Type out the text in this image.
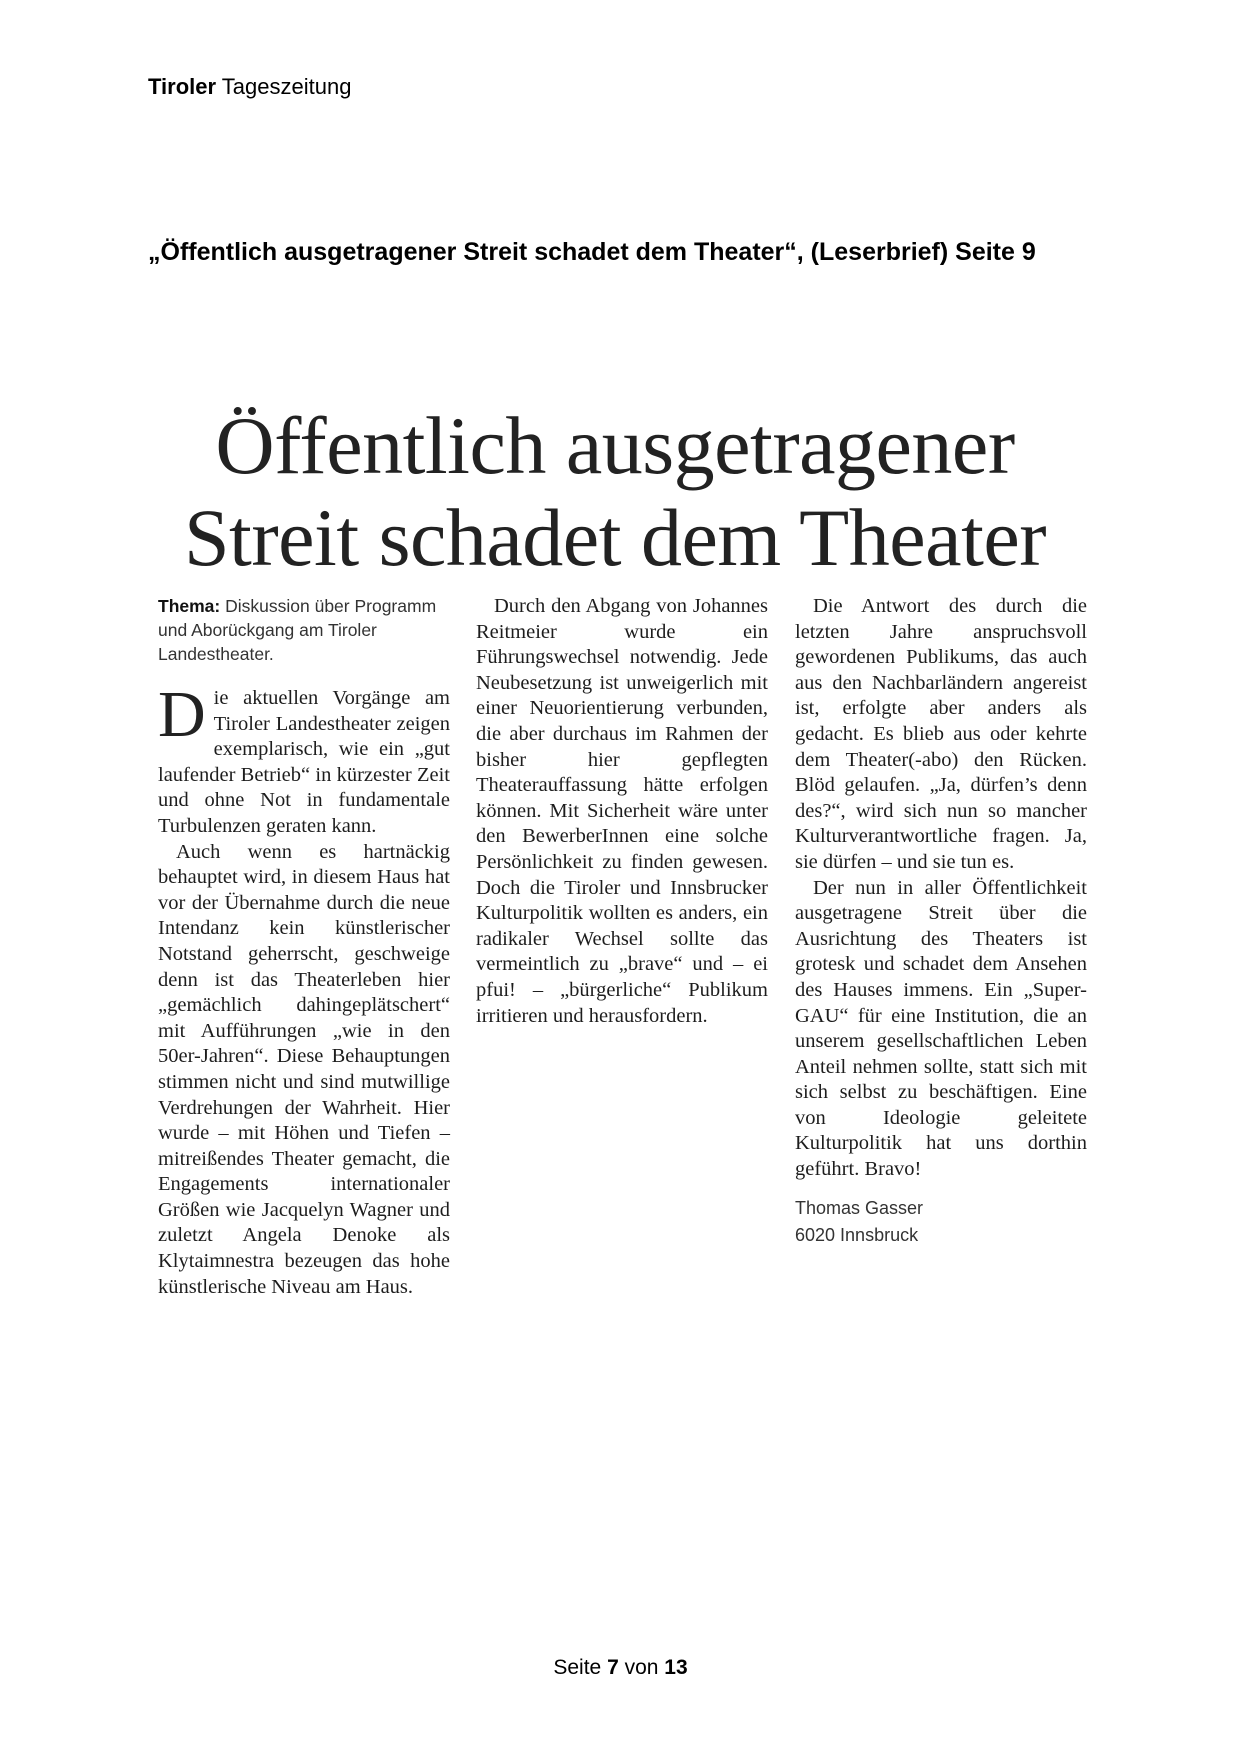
Tiroler Tageszeitung
„Öffentlich ausgetragener Streit schadet dem Theater“, (Leserbrief) Seite 9
Öffentlich ausgetragener
Streit schadet dem Theater
Thema: Diskussion über Programm und Aborückgang am Tiroler Landestheater.

Die aktuellen Vorgänge am Tiroler Landestheater zeigen exemplarisch, wie ein „gut laufender Betrieb“ in kürzester Zeit und ohne Not in fundamentale Turbulenzen geraten kann.

Auch wenn es hartnäckig behauptet wird, in diesem Haus hat vor der Übernahme durch die neue Intendanz kein künstlerischer Notstand geherrscht, geschweige denn ist das Theaterleben hier „gemächlich dahingeplätschert“ mit Aufführungen „wie in den 50er-Jahren“. Diese Behauptungen stimmen nicht und sind mutwillige Verdrehungen der Wahrheit. Hier wurde – mit Höhen und Tiefen – mitreißendes Theater gemacht, die Engagements internationaler Größen wie Jacquelyn Wagner und zuletzt Angela Denoke als Klytaimnestra bezeugen das hohe künstlerische Niveau am Haus.

Durch den Abgang von Johannes Reitmeier wurde ein Führungswechsel notwendig. Jede Neubesetzung ist unweigerlich mit einer Neuorientierung verbunden, die aber durchaus im Rahmen der bisher hier gepflegten Theaterauffassung hätte erfolgen können. Mit Sicherheit wäre unter den BewerberInnen eine solche Persönlichkeit zu finden gewesen. Doch die Tiroler und Innsbrucker Kulturpolitik wollten es anders, ein radikaler Wechsel sollte das vermeintlich zu „brave“ und – ei pfui! – „bürgerliche“ Publikum irritieren und herausfordern.

Die Antwort des durch die letzten Jahre anspruchsvoll gewordenen Publikums, das auch aus den Nachbarländern angereist ist, erfolgte aber anders als gedacht. Es blieb aus oder kehrte dem Theater(-abo) den Rücken. Blöd gelaufen. „Ja, dürfen’s denn des?“, wird sich nun so mancher Kulturverantwortliche fragen. Ja, sie dürfen – und sie tun es.

Der nun in aller Öffentlichkeit ausgetragene Streit über die Ausrichtung des Theaters ist grotesk und schadet dem Ansehen des Hauses immens. Ein „Super-GAU“ für eine Institution, die an unserem gesellschaftlichen Leben Anteil nehmen sollte, statt sich mit sich selbst zu beschäftigen. Eine von Ideologie geleitete Kulturpolitik hat uns dorthin geführt. Bravo!

Thomas Gasser
6020 Innsbruck
Seite 7 von 13
